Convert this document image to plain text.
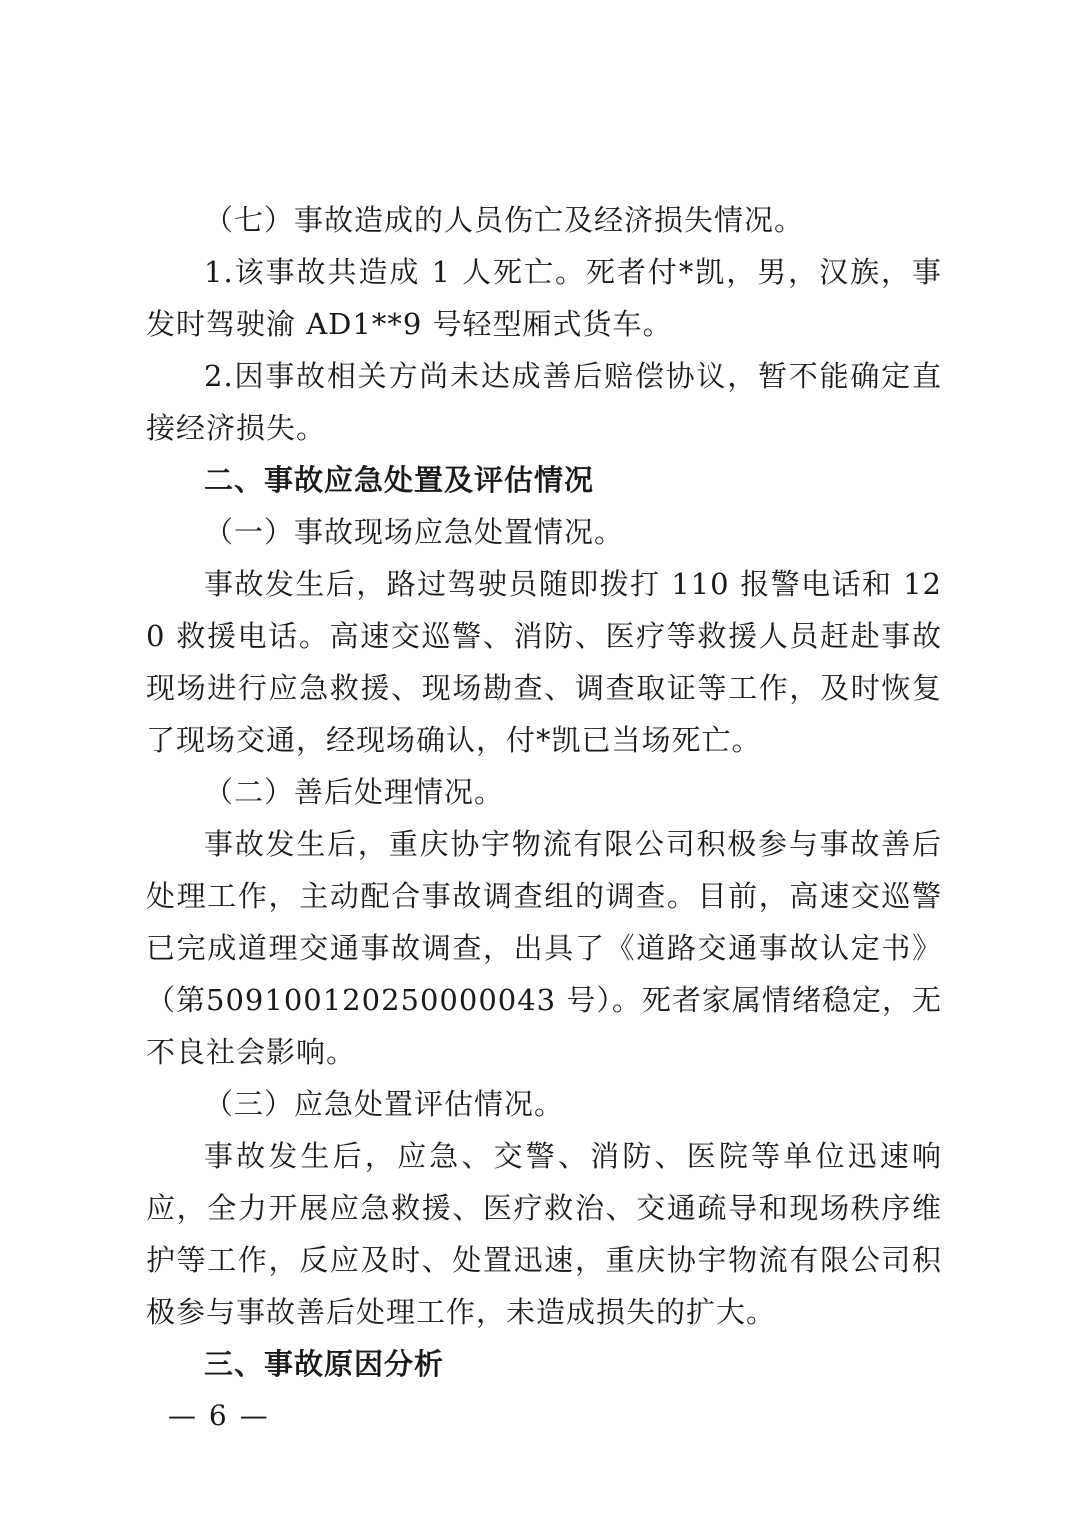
（七）事故造成的人员伤亡及经济损失情况。

1.该事故共造成 1 人死亡。死者付*凯，男，汉族，事发时驾驶渝 AD1**9 号轻型厢式货车。

2.因事故相关方尚未达成善后赔偿协议，暂不能确定直接经济损失。

二、事故应急处置及评估情况

（一）事故现场应急处置情况。

事故发生后，路过驾驶员随即拨打 110 报警电话和 120 救援电话。高速交巡警、消防、医疗等救援人员赶赴事故现场进行应急救援、现场勘查、调查取证等工作，及时恢复了现场交通，经现场确认，付*凯已当场死亡。

（二）善后处理情况。

事故发生后，重庆协宇物流有限公司积极参与事故善后处理工作，主动配合事故调查组的调查。目前，高速交巡警已完成道理交通事故调查，出具了《道路交通事故认定书》（第509100120250000043 号）。死者家属情绪稳定，无不良社会影响。

（三）应急处置评估情况。

事故发生后，应急、交警、消防、医院等单位迅速响应，全力开展应急救援、医疗救治、交通疏导和现场秩序维护等工作，反应及时、处置迅速，重庆协宇物流有限公司积极参与事故善后处理工作，未造成损失的扩大。

三、事故原因分析

— 6 —
